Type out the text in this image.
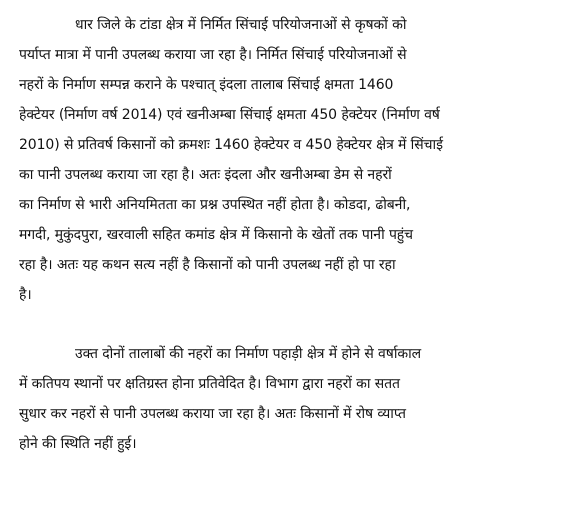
धार जिले के टांडा क्षेत्र में निर्मित सिंचाई परियोजनाओं से कृषकों को
पर्याप्त मात्रा में पानी उपलब्ध कराया जा रहा है। निर्मित सिंचाई परियोजनाओं से
नहरों के निर्माण सम्पन्न कराने के पश्चात् इंदला तालाब सिंचाई क्षमता 1460
हेक्टेयर (निर्माण वर्ष 2014) एवं खनीअम्बा सिंचाई क्षमता 450 हेक्टेयर (निर्माण वर्ष
2010) से प्रतिवर्ष किसानों को क्रमशः 1460 हेक्टेयर व 450 हेक्टेयर क्षेत्र में सिंचाई
का पानी उपलब्ध कराया जा रहा है। अतः इंदला और खनीअम्बा डेम से नहरों
का निर्माण से भारी अनियमितता का प्रश्न उपस्थित नहीं होता है। कोडदा, ढोबनी,
मगदी, मुकुंदपुरा, खरवाली सहित कमांड क्षेत्र में किसानो के खेतों तक पानी पहुंच
रहा है। अतः यह कथन सत्य नहीं है किसानों को पानी उपलब्ध नहीं हो पा रहा
है।
उक्त दोनों तालाबों की नहरों का निर्माण पहाड़ी क्षेत्र में होने से वर्षाकाल
में कतिपय स्थानों पर क्षतिग्रस्त होना प्रतिवेदित है। विभाग द्वारा नहरों का सतत
सुधार कर नहरों से पानी उपलब्ध कराया जा रहा है। अतः किसानों में रोष व्याप्त
होने की स्थिति नहीं हुई।
